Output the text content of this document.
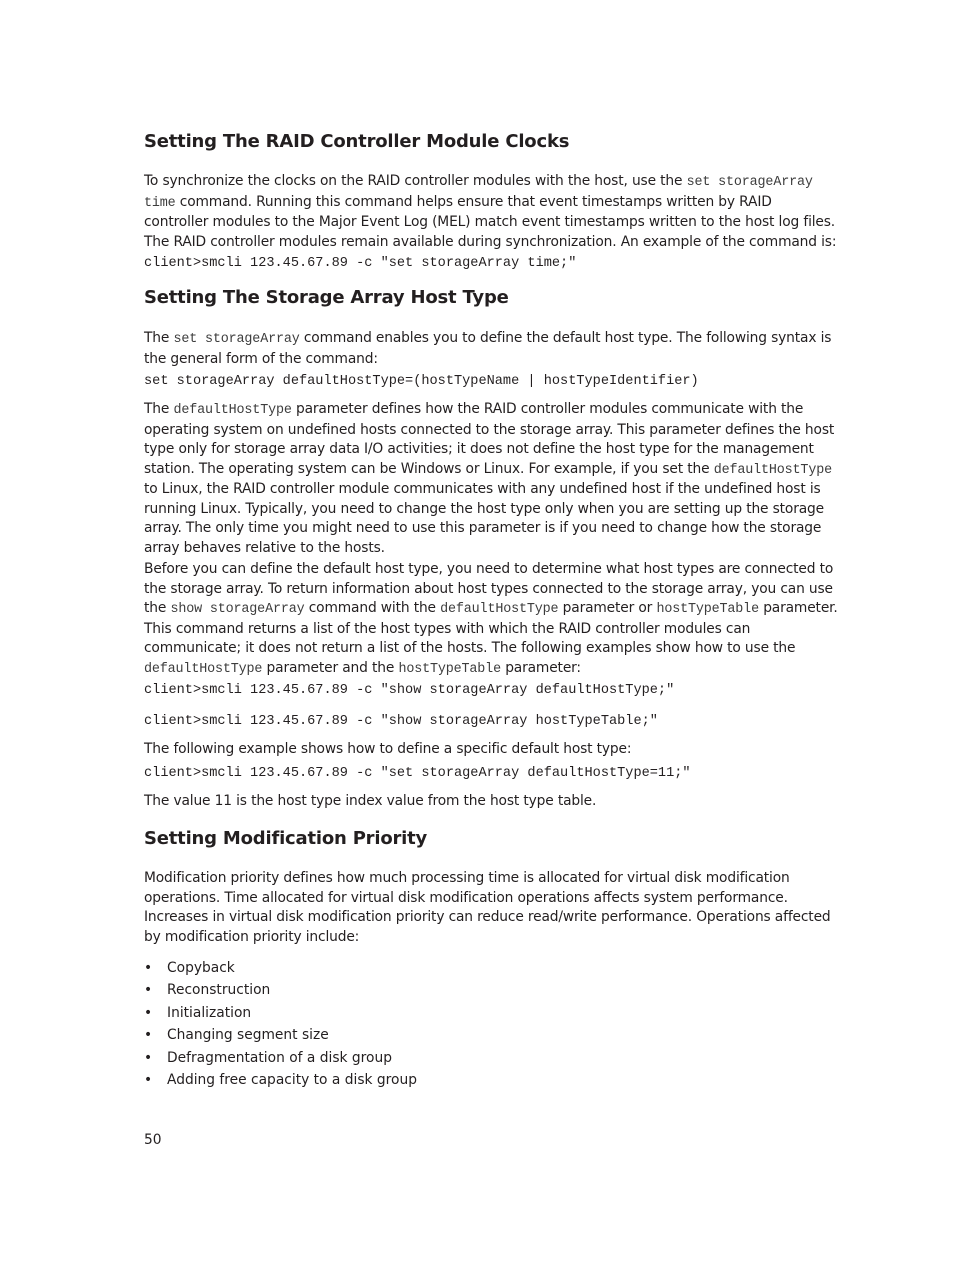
Setting The RAID Controller Module Clocks

To synchronize the clocks on the RAID controller modules with the host, use the set storageArray time command. Running this command helps ensure that event timestamps written by RAID controller modules to the Major Event Log (MEL) match event timestamps written to the host log files. The RAID controller modules remain available during synchronization. An example of the command is:

client>smcli 123.45.67.89 -c "set storageArray time;"
Setting The Storage Array Host Type

The set storageArray command enables you to define the default host type. The following syntax is the general form of the command:

set storageArray defaultHostType=(hostTypeName | hostTypeIdentifier)

The defaultHostType parameter defines how the RAID controller modules communicate with the operating system on undefined hosts connected to the storage array. This parameter defines the host type only for storage array data I/O activities; it does not define the host type for the management station. The operating system can be Windows or Linux. For example, if you set the defaultHostType to Linux, the RAID controller module communicates with any undefined host if the undefined host is running Linux. Typically, you need to change the host type only when you are setting up the storage array. The only time you might need to use this parameter is if you need to change how the storage array behaves relative to the hosts.

Before you can define the default host type, you need to determine what host types are connected to the storage array. To return information about host types connected to the storage array, you can use the show storageArray command with the defaultHostType parameter or hostTypeTable parameter. This command returns a list of the host types with which the RAID controller modules can communicate; it does not return a list of the hosts. The following examples show how to use the defaultHostType parameter and the hostTypeTable parameter:

client>smcli 123.45.67.89 -c "show storageArray defaultHostType;"
client>smcli 123.45.67.89 -c "show storageArray hostTypeTable;"

The following example shows how to define a specific default host type:

client>smcli 123.45.67.89 -c "set storageArray defaultHostType=11;"

The value 11 is the host type index value from the host type table.

Setting Modification Priority

Modification priority defines how much processing time is allocated for virtual disk modification operations. Time allocated for virtual disk modification operations affects system performance. Increases in virtual disk modification priority can reduce read/write performance. Operations affected by modification priority include:

• Copyback
• Reconstruction
• Initialization
• Changing segment size
• Defragmentation of a disk group
• Adding free capacity to a disk group
50
